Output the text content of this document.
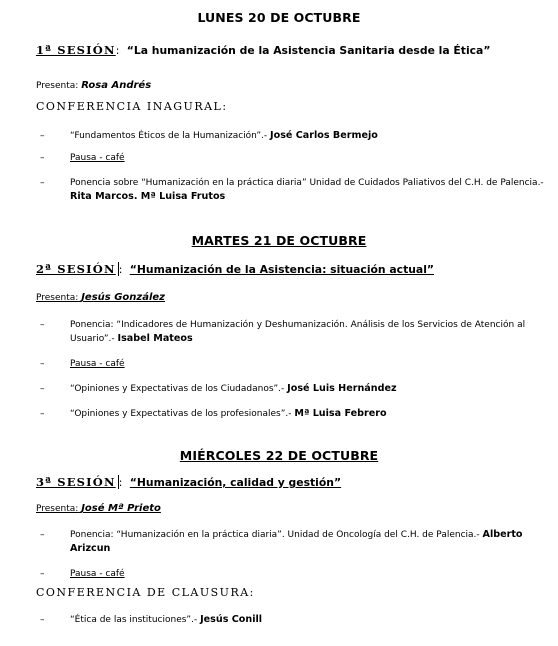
LUNES 20 DE OCTUBRE
1ª SESIÓN: “La humanización de la Asistencia Sanitaria desde la Ética”
Presenta: Rosa Andrés
CONFERENCIA INAGURAL:
–	“Fundamentos Éticos de la Humanización”.- José Carlos Bermejo
–	Pausa - café
–	Ponencia sobre “Humanización en la práctica diaria” Unidad de Cuidados Paliativos del C.H. de Palencia.- Rita Marcos. Mª Luisa Frutos
MARTES 21 DE OCTUBRE
2ª SESIÓN : “Humanización de la Asistencia: situación actual”
Presenta: Jesús González
–	Ponencia: “Indicadores de Humanización y Deshumanización. Análisis de los Servicios de Atención al Usuario”.- Isabel Mateos
–	Pausa - café
–	“Opiniones y Expectativas de los Ciudadanos”.- José Luis Hernández
–	“Opiniones y Expectativas de los profesionales”.- Mª Luisa Febrero
MIÉRCOLES 22 DE OCTUBRE
3ª SESIÓN : “Humanización, calidad y gestión”
Presenta: José Mª Prieto
–	Ponencia: “Humanización en la práctica diaria”. Unidad de Oncología del C.H. de Palencia.- Alberto Arizcun
–	Pausa - café
CONFERENCIA DE CLAUSURA:
–	“Ética de las instituciones”.- Jesús Conill
